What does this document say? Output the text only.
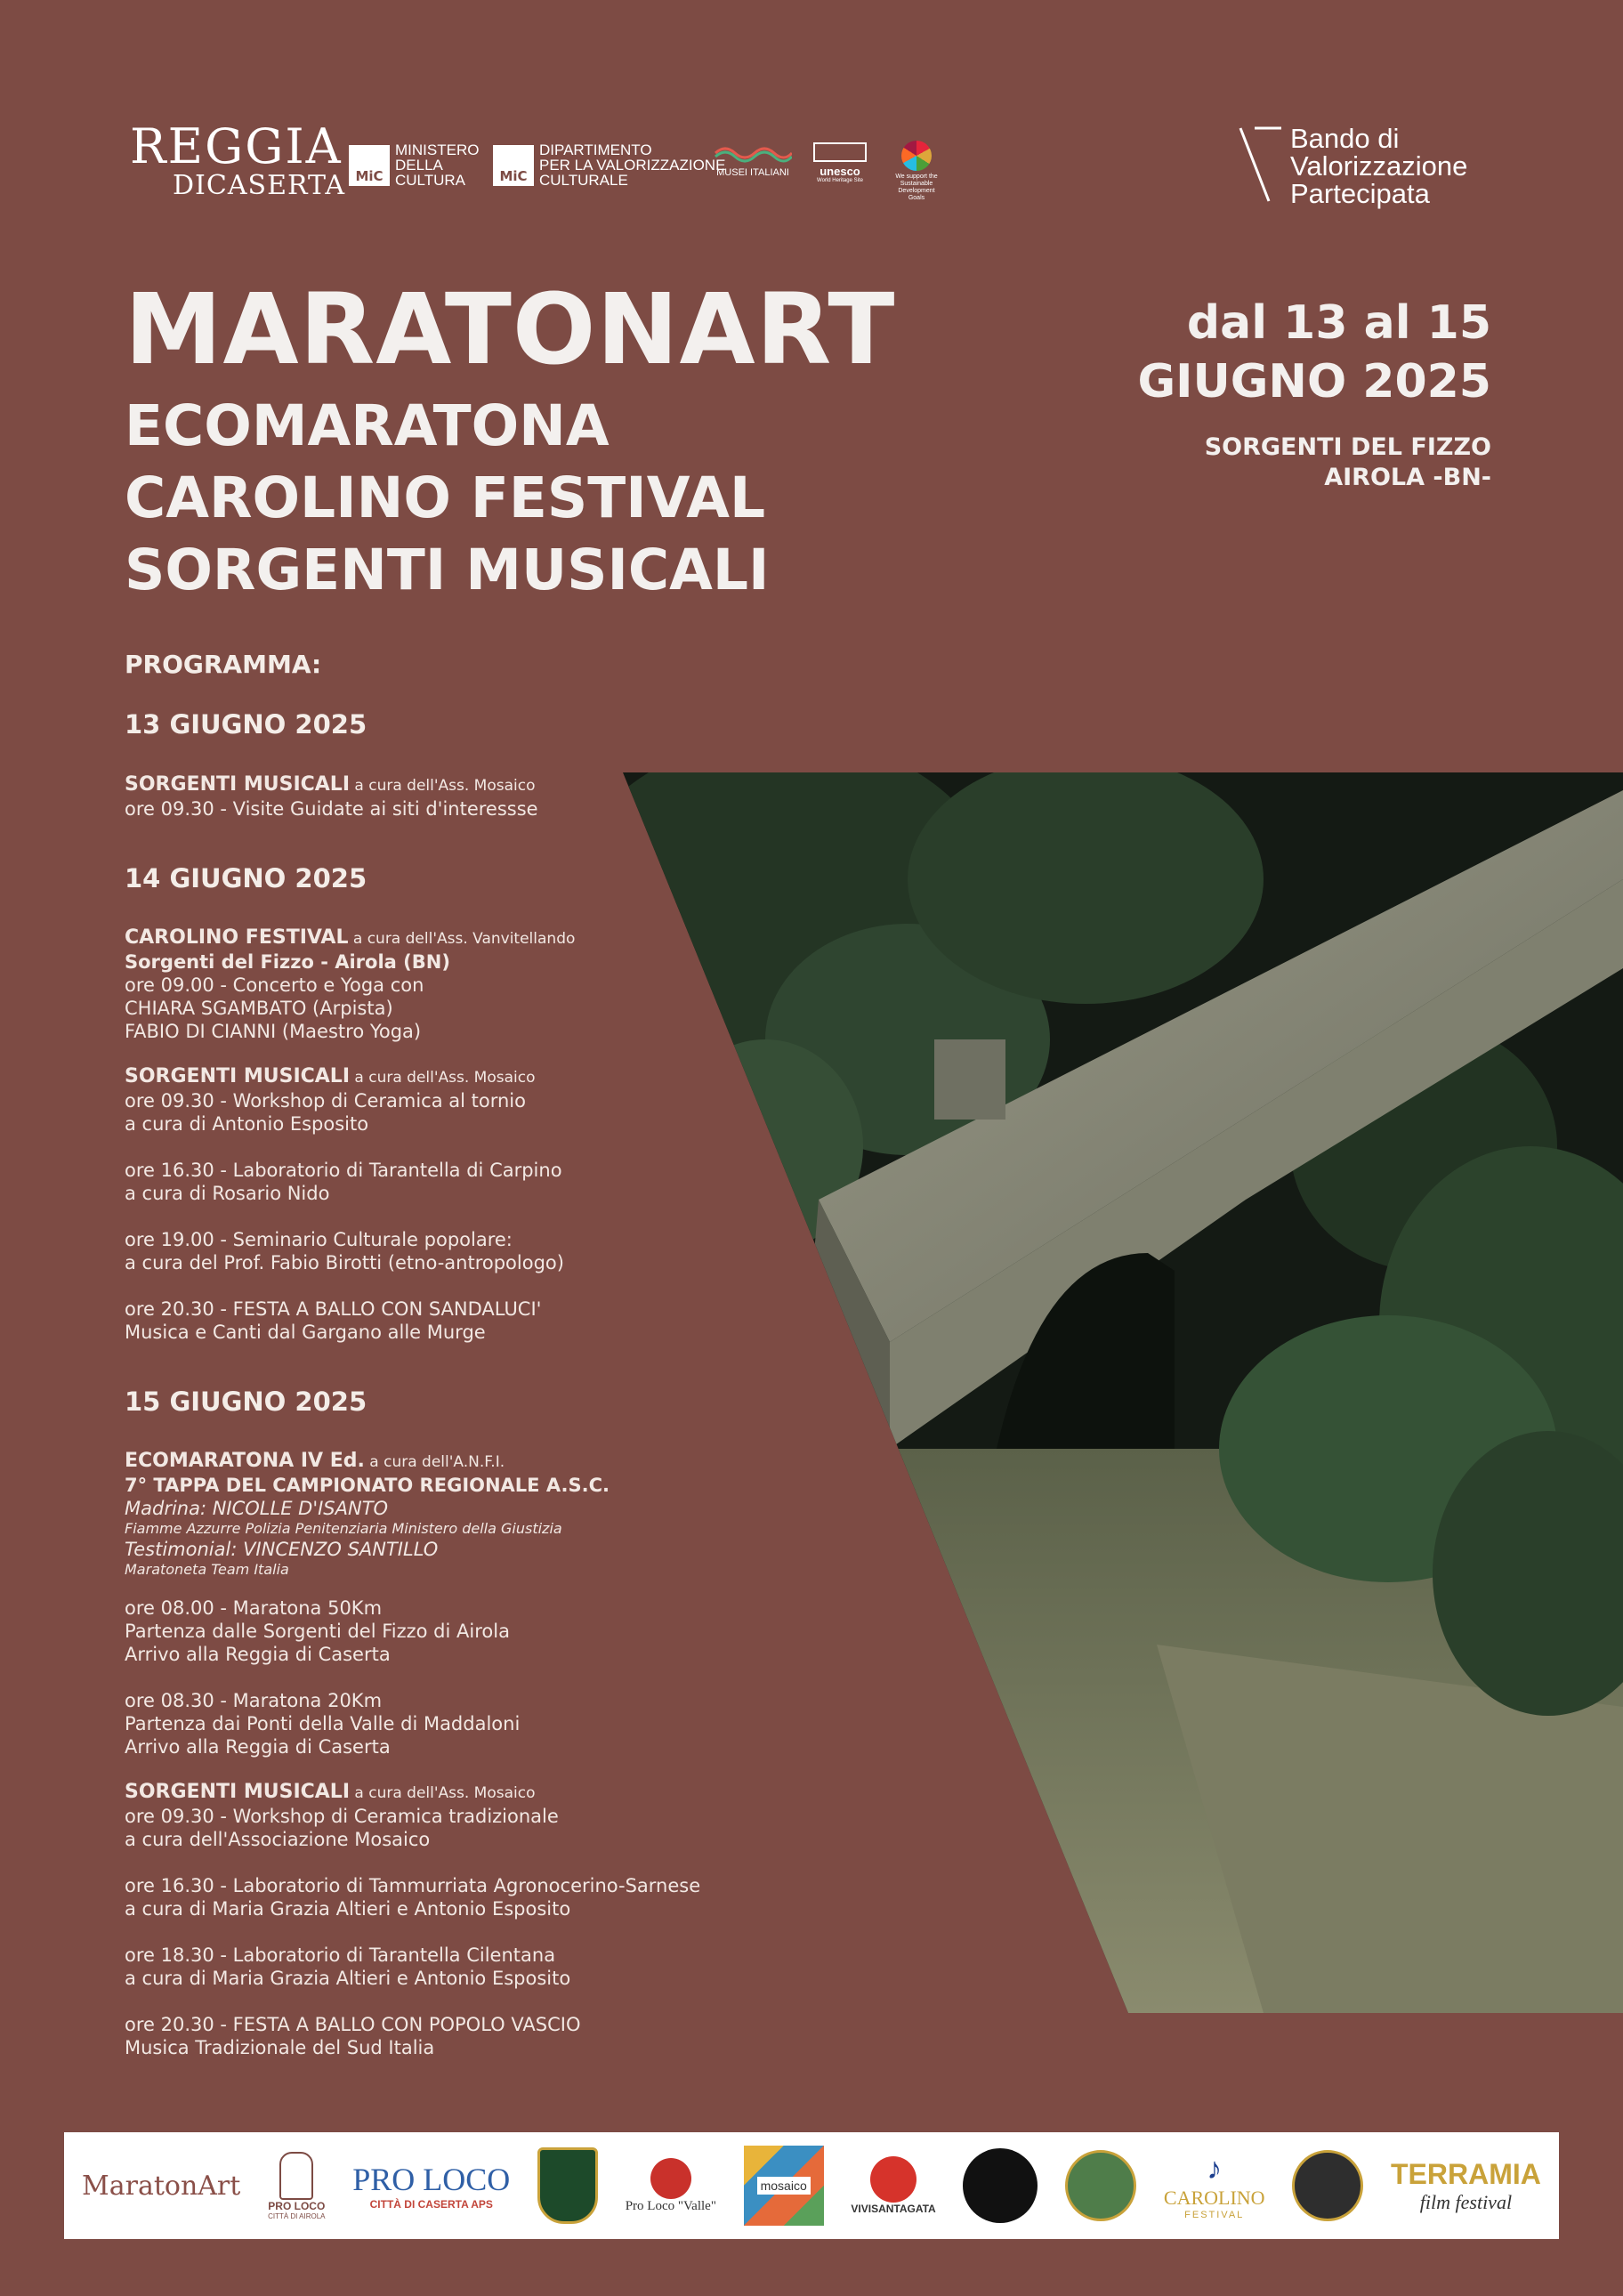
REGGIA
DICASERTA MiC
MINISTERO
DELLA
CULTURA	MiC
DIPARTIMENTO
PER LA VALORIZZAZIONE
CULTURALE	MUSEI ITALIANI	unesco
World Heritage Site
We support the Sustainable Development Goals
Bando di
Valorizzazione
Partecipata
MARATONART
ECOMARATONA
CAROLINO FESTIVAL
SORGENTI MUSICALI
dal 13 al 15
GIUGNO 2025
SORGENTI DEL FIZZO
AIROLA -BN-
PROGRAMMA:
13 GIUGNO 2025
SORGENTI MUSICALI a cura dell'Ass. Mosaico
ore 09.30 - Visite Guidate ai siti d'interessse
14 GIUGNO 2025
CAROLINO FESTIVAL a cura dell'Ass. Vanvitellando
Sorgenti del Fizzo - Airola (BN)
ore 09.00 - Concerto e Yoga con
CHIARA SGAMBATO (Arpista)
FABIO DI CIANNI (Maestro Yoga)
SORGENTI MUSICALI a cura dell'Ass. Mosaico
ore 09.30 - Workshop di Ceramica al tornio
a cura di Antonio Esposito
ore 16.30 - Laboratorio di Tarantella di Carpino
a cura di Rosario Nido
ore 19.00 - Seminario Culturale popolare:
a cura del Prof. Fabio Birotti (etno-antropologo)
ore 20.30 - FESTA A BALLO CON SANDALUCI'
Musica e Canti dal Gargano alle Murge
15 GIUGNO 2025
ECOMARATONA IV Ed. a cura dell'A.N.F.I.
7° TAPPA DEL CAMPIONATO REGIONALE A.S.C.
Madrina: NICOLLE D'ISANTO
Fiamme Azzurre Polizia Penitenziaria Ministero della Giustizia
Testimonial: VINCENZO SANTILLO
Maratoneta Team Italia
ore 08.00 - Maratona 50Km
Partenza dalle Sorgenti del Fizzo di Airola
Arrivo alla Reggia di Caserta
ore 08.30 - Maratona 20Km
Partenza dai Ponti della Valle di Maddaloni
Arrivo alla Reggia di Caserta
SORGENTI MUSICALI a cura dell'Ass. Mosaico
ore 09.30 - Workshop di Ceramica tradizionale
a cura dell'Associazione Mosaico
ore 16.30 - Laboratorio di Tammurriata Agronocerino-Sarnese
a cura di Maria Grazia Altieri e Antonio Esposito
ore 18.30 - Laboratorio di Tarantella Cilentana
a cura di Maria Grazia Altieri e Antonio Esposito
ore 20.30 - FESTA A BALLO CON POPOLO VASCIO
Musica Tradizionale del Sud Italia
MaratonArt
PRO LOCO
CITTÀ DI AIROLA
PRO LOCO
CITTÀ DI CASERTA APS	Pro Loco "Valle"
mosaico
VIVISANTAGATA
♪
CAROLINO
FESTIVAL
TERRAMIA
film festival
